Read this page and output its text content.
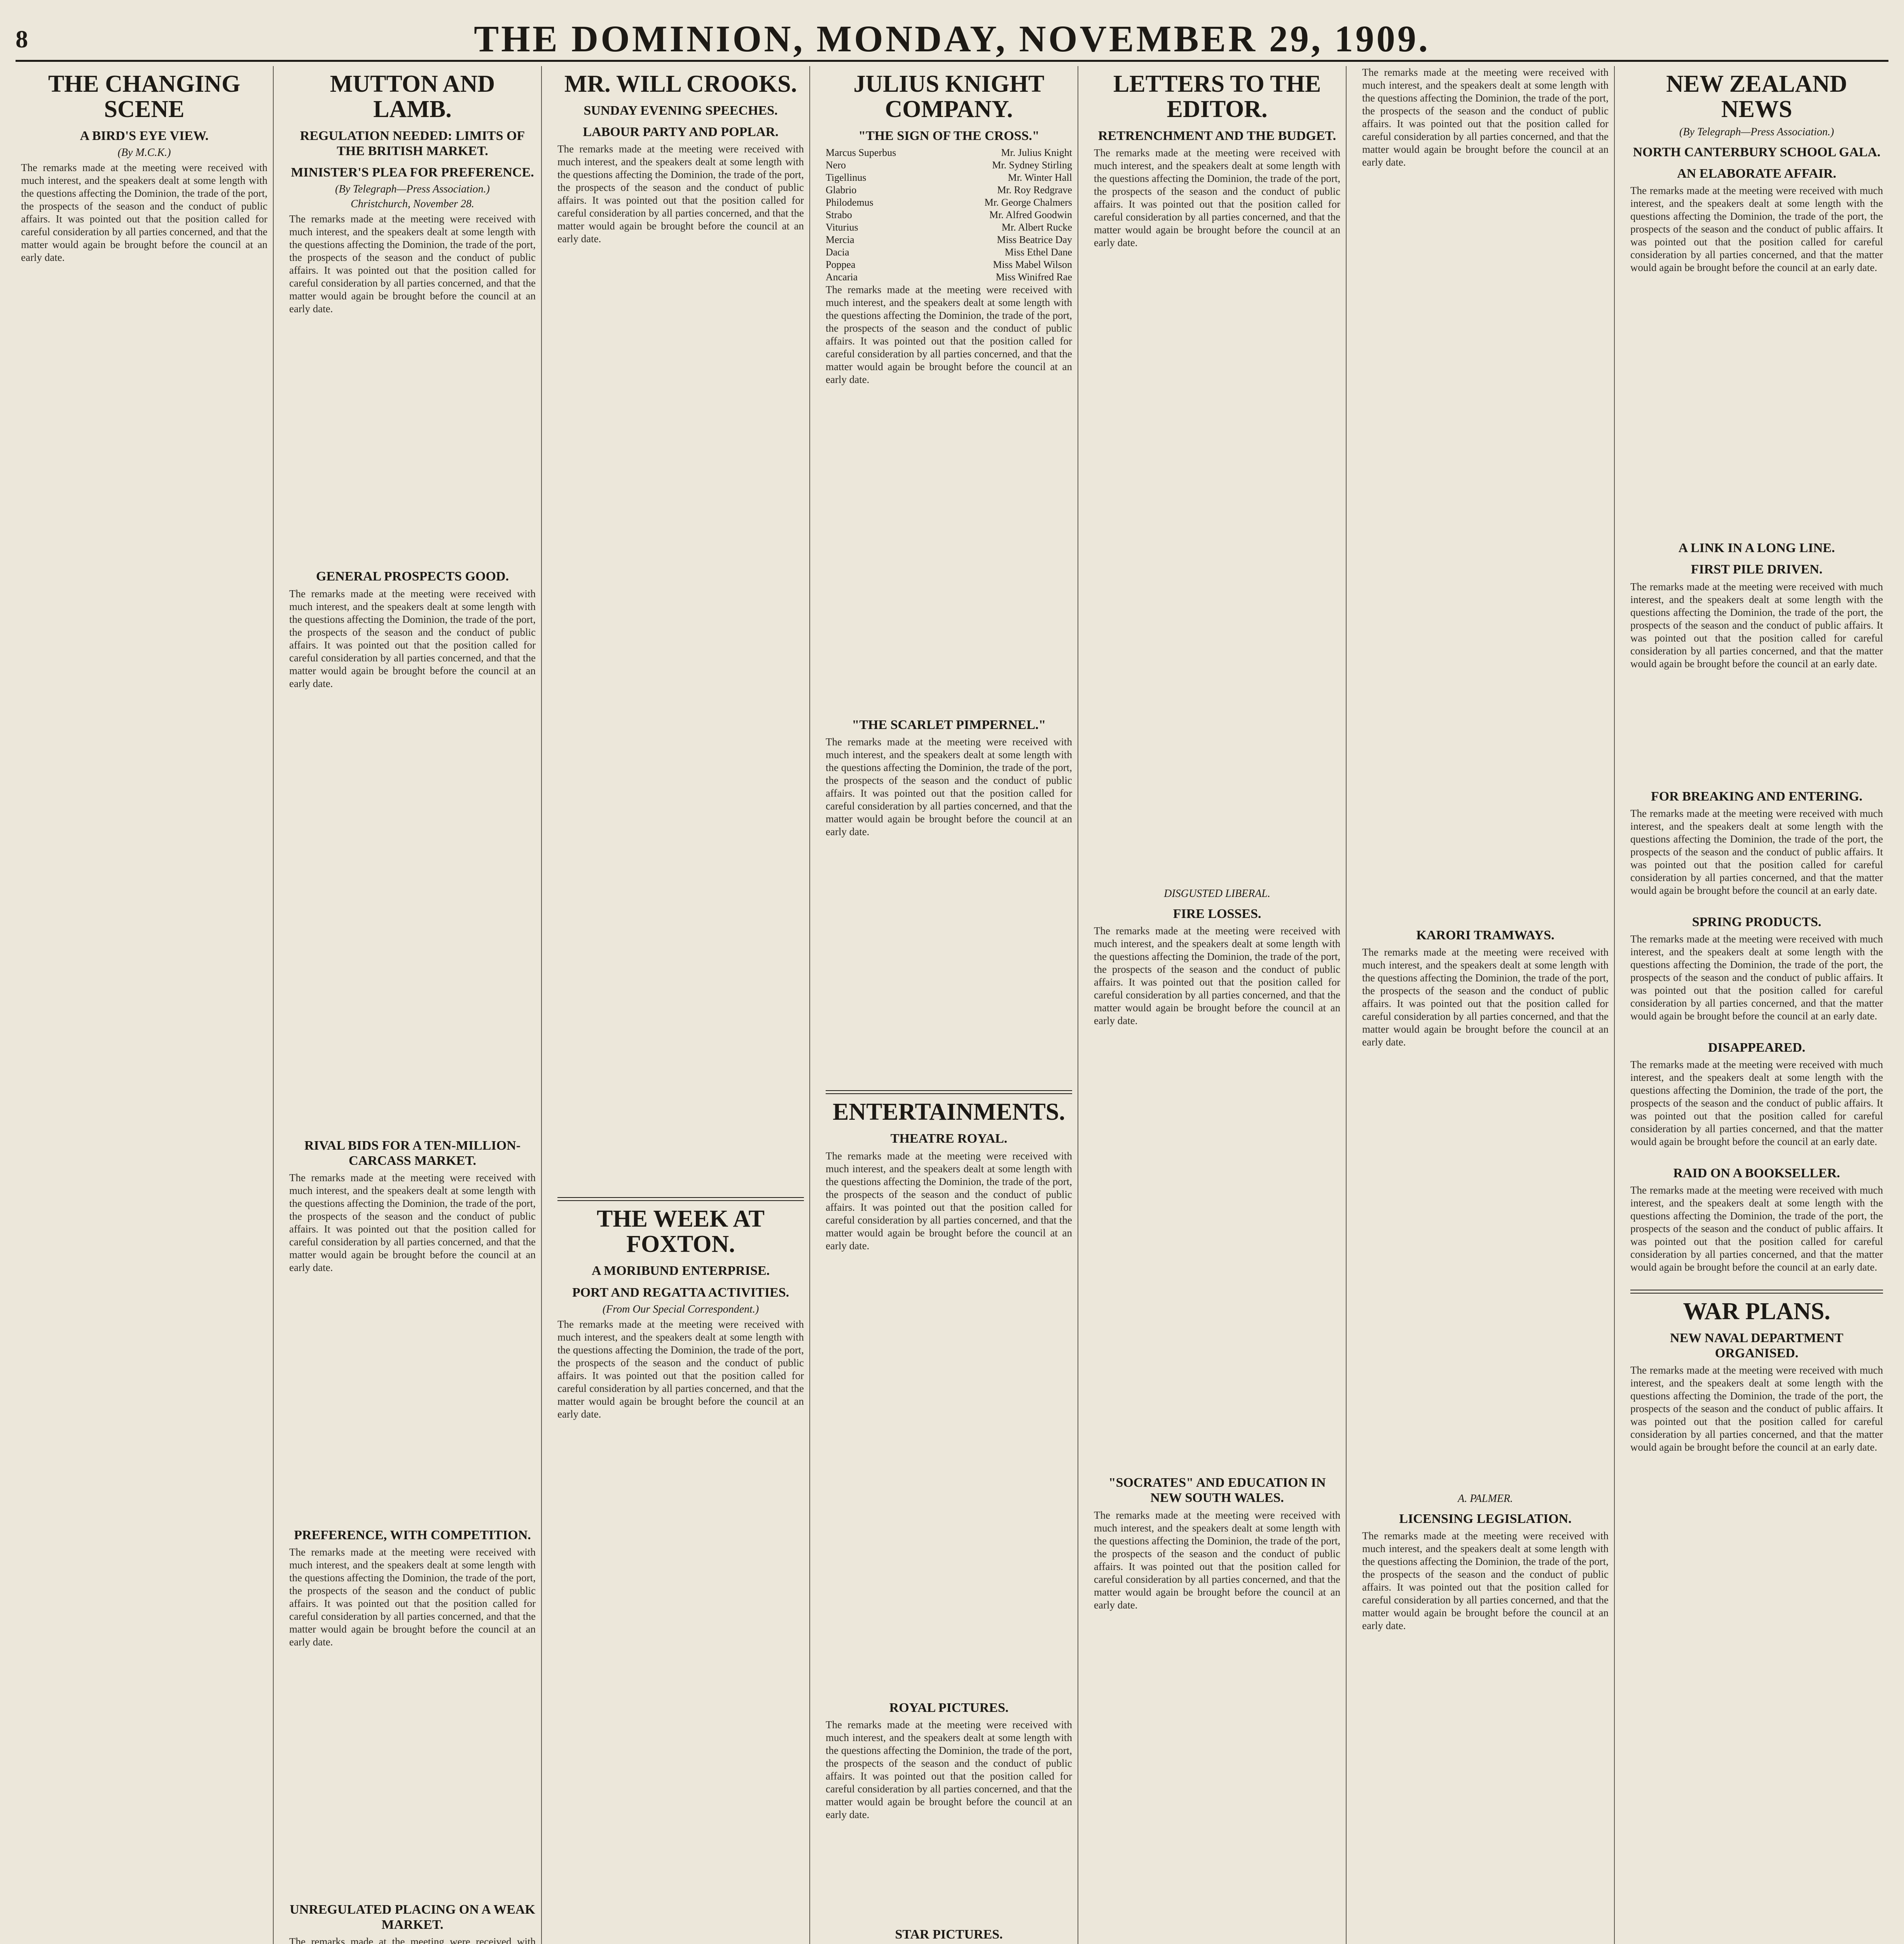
8	THE DOMINION, MONDAY, NOVEMBER 29, 1909.
THE CHANGING SCENE
A BIRD'S EYE VIEW.
(By M.C.K.)
The remarks made at the meeting were received with much interest, and the speakers dealt at some length with the questions affecting the Dominion, the trade of the port, the prospects of the season and the conduct of public affairs. It was pointed out that the position called for careful consideration by all parties concerned, and that the matter would again be brought before the council at an early date.
MUTTON AND LAMB.
REGULATION NEEDED: LIMITS OF THE BRITISH MARKET.
MINISTER'S PLEA FOR PREFERENCE.
(By Telegraph—Press Association.)
Christchurch, November 28.
The remarks made at the meeting were received with much interest, and the speakers dealt at some length with the questions affecting the Dominion, the trade of the port, the prospects of the season and the conduct of public affairs. It was pointed out that the position called for careful consideration by all parties concerned, and that the matter would again be brought before the council at an early date.
GENERAL PROSPECTS GOOD.
The remarks made at the meeting were received with much interest, and the speakers dealt at some length with the questions affecting the Dominion, the trade of the port, the prospects of the season and the conduct of public affairs. It was pointed out that the position called for careful consideration by all parties concerned, and that the matter would again be brought before the council at an early date.
RIVAL BIDS FOR A TEN-MILLION-CARCASS MARKET.
The remarks made at the meeting were received with much interest, and the speakers dealt at some length with the questions affecting the Dominion, the trade of the port, the prospects of the season and the conduct of public affairs. It was pointed out that the position called for careful consideration by all parties concerned, and that the matter would again be brought before the council at an early date.
PREFERENCE, WITH COMPETITION.
The remarks made at the meeting were received with much interest, and the speakers dealt at some length with the questions affecting the Dominion, the trade of the port, the prospects of the season and the conduct of public affairs. It was pointed out that the position called for careful consideration by all parties concerned, and that the matter would again be brought before the council at an early date.
UNREGULATED PLACING ON A WEAK MARKET.
The remarks made at the meeting were received with much interest, and the speakers dealt at some length with the questions affecting the Dominion, the trade of the port, the prospects of the season and the conduct of public affairs. It was pointed out that the position called for careful consideration by all parties concerned, and that the matter would again be brought before the council at an early date.
MR. WILL CROOKS.
SUNDAY EVENING SPEECHES.
LABOUR PARTY AND POPLAR.
The remarks made at the meeting were received with much interest, and the speakers dealt at some length with the questions affecting the Dominion, the trade of the port, the prospects of the season and the conduct of public affairs. It was pointed out that the position called for careful consideration by all parties concerned, and that the matter would again be brought before the council at an early date.
THE WEEK AT FOXTON.
A MORIBUND ENTERPRISE.
PORT AND REGATTA ACTIVITIES.
(From Our Special Correspondent.)
The remarks made at the meeting were received with much interest, and the speakers dealt at some length with the questions affecting the Dominion, the trade of the port, the prospects of the season and the conduct of public affairs. It was pointed out that the position called for careful consideration by all parties concerned, and that the matter would again be brought before the council at an early date.
JULIUS KNIGHT COMPANY.
"THE SIGN OF THE CROSS."
Marcus Superbus	Mr. Julius Knight
Nero	Mr. Sydney Stirling
Tigellinus	Mr. Winter Hall
Glabrio	Mr. Roy Redgrave
Philodemus	Mr. George Chalmers
Strabo	Mr. Alfred Goodwin
Viturius	Mr. Albert Rucke
Mercia	Miss Beatrice Day
Dacia	Miss Ethel Dane
Poppea	Miss Mabel Wilson
Ancaria	Miss Winifred Rae
The remarks made at the meeting were received with much interest, and the speakers dealt at some length with the questions affecting the Dominion, the trade of the port, the prospects of the season and the conduct of public affairs. It was pointed out that the position called for careful consideration by all parties concerned, and that the matter would again be brought before the council at an early date.
"THE SCARLET PIMPERNEL."
The remarks made at the meeting were received with much interest, and the speakers dealt at some length with the questions affecting the Dominion, the trade of the port, the prospects of the season and the conduct of public affairs. It was pointed out that the position called for careful consideration by all parties concerned, and that the matter would again be brought before the council at an early date.
ENTERTAINMENTS.
THEATRE ROYAL.
The remarks made at the meeting were received with much interest, and the speakers dealt at some length with the questions affecting the Dominion, the trade of the port, the prospects of the season and the conduct of public affairs. It was pointed out that the position called for careful consideration by all parties concerned, and that the matter would again be brought before the council at an early date.
ROYAL PICTURES.
The remarks made at the meeting were received with much interest, and the speakers dealt at some length with the questions affecting the Dominion, the trade of the port, the prospects of the season and the conduct of public affairs. It was pointed out that the position called for careful consideration by all parties concerned, and that the matter would again be brought before the council at an early date.
STAR PICTURES.
LETTERS TO THE EDITOR.
RETRENCHMENT AND THE BUDGET.
The remarks made at the meeting were received with much interest, and the speakers dealt at some length with the questions affecting the Dominion, the trade of the port, the prospects of the season and the conduct of public affairs. It was pointed out that the position called for careful consideration by all parties concerned, and that the matter would again be brought before the council at an early date.
DISGUSTED LIBERAL.
FIRE LOSSES.
The remarks made at the meeting were received with much interest, and the speakers dealt at some length with the questions affecting the Dominion, the trade of the port, the prospects of the season and the conduct of public affairs. It was pointed out that the position called for careful consideration by all parties concerned, and that the matter would again be brought before the council at an early date.
"SOCRATES" AND EDUCATION IN NEW SOUTH WALES.
The remarks made at the meeting were received with much interest, and the speakers dealt at some length with the questions affecting the Dominion, the trade of the port, the prospects of the season and the conduct of public affairs. It was pointed out that the position called for careful consideration by all parties concerned, and that the matter would again be brought before the council at an early date.
The remarks made at the meeting were received with much interest, and the speakers dealt at some length with the questions affecting the Dominion, the trade of the port, the prospects of the season and the conduct of public affairs. It was pointed out that the position called for careful consideration by all parties concerned, and that the matter would again be brought before the council at an early date.
KARORI TRAMWAYS.
The remarks made at the meeting were received with much interest, and the speakers dealt at some length with the questions affecting the Dominion, the trade of the port, the prospects of the season and the conduct of public affairs. It was pointed out that the position called for careful consideration by all parties concerned, and that the matter would again be brought before the council at an early date.
A. PALMER.
LICENSING LEGISLATION.
The remarks made at the meeting were received with much interest, and the speakers dealt at some length with the questions affecting the Dominion, the trade of the port, the prospects of the season and the conduct of public affairs. It was pointed out that the position called for careful consideration by all parties concerned, and that the matter would again be brought before the council at an early date.
NEW ZEALAND NEWS
(By Telegraph—Press Association.)
NORTH CANTERBURY SCHOOL GALA.
AN ELABORATE AFFAIR.
The remarks made at the meeting were received with much interest, and the speakers dealt at some length with the questions affecting the Dominion, the trade of the port, the prospects of the season and the conduct of public affairs. It was pointed out that the position called for careful consideration by all parties concerned, and that the matter would again be brought before the council at an early date.
A LINK IN A LONG LINE.
FIRST PILE DRIVEN.
The remarks made at the meeting were received with much interest, and the speakers dealt at some length with the questions affecting the Dominion, the trade of the port, the prospects of the season and the conduct of public affairs. It was pointed out that the position called for careful consideration by all parties concerned, and that the matter would again be brought before the council at an early date.
FOR BREAKING AND ENTERING.
The remarks made at the meeting were received with much interest, and the speakers dealt at some length with the questions affecting the Dominion, the trade of the port, the prospects of the season and the conduct of public affairs. It was pointed out that the position called for careful consideration by all parties concerned, and that the matter would again be brought before the council at an early date.
SPRING PRODUCTS.
The remarks made at the meeting were received with much interest, and the speakers dealt at some length with the questions affecting the Dominion, the trade of the port, the prospects of the season and the conduct of public affairs. It was pointed out that the position called for careful consideration by all parties concerned, and that the matter would again be brought before the council at an early date.
DISAPPEARED.
The remarks made at the meeting were received with much interest, and the speakers dealt at some length with the questions affecting the Dominion, the trade of the port, the prospects of the season and the conduct of public affairs. It was pointed out that the position called for careful consideration by all parties concerned, and that the matter would again be brought before the council at an early date.
RAID ON A BOOKSELLER.
The remarks made at the meeting were received with much interest, and the speakers dealt at some length with the questions affecting the Dominion, the trade of the port, the prospects of the season and the conduct of public affairs. It was pointed out that the position called for careful consideration by all parties concerned, and that the matter would again be brought before the council at an early date.
WAR PLANS.
NEW NAVAL DEPARTMENT ORGANISED.
The remarks made at the meeting were received with much interest, and the speakers dealt at some length with the questions affecting the Dominion, the trade of the port, the prospects of the season and the conduct of public affairs. It was pointed out that the position called for careful consideration by all parties concerned, and that the matter would again be brought before the council at an early date.
